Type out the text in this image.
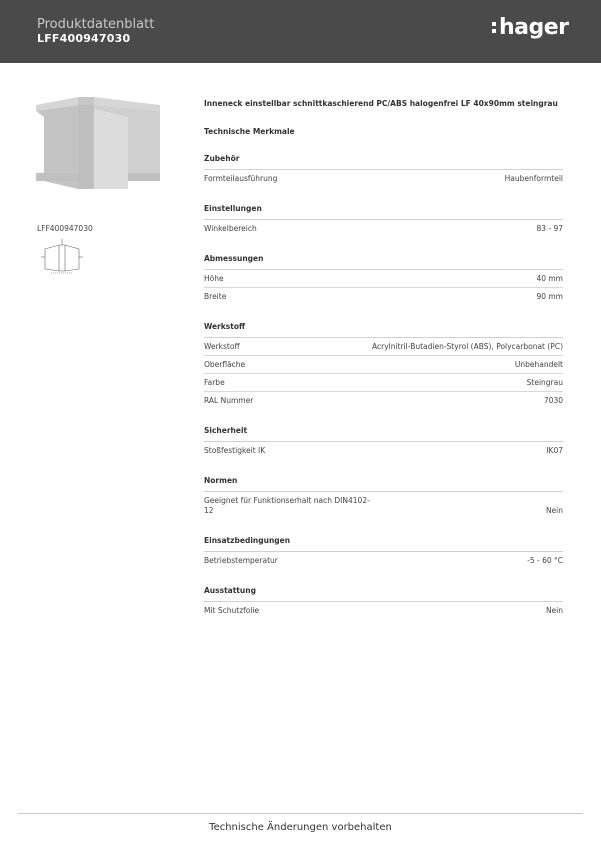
Produktdatenblatt
LFF400947030	hager
LFF400947030

Inneneck einstellbar schnittkaschierend PC/ABS halogenfrei LF 40x90mm steingrau

Technische Merkmale
Zubehör
Formteilausführung	Haubenformteil
Einstellungen
Winkelbereich	83 - 97
Abmessungen
Höhe	40 mm
Breite	90 mm
Werkstoff
Werkstoff	Acrylnitril-Butadien-Styrol (ABS), Polycarbonat (PC)
Oberfläche	Unbehandelt
Farbe	Steingrau
RAL Nummer	7030
Sicherheit
Stoßfestigkeit IK	IK07
Normen
Geeignet für Funktionserhalt nach DIN4102-12	Nein
Einsatzbedingungen
Betriebstemperatur	-5 - 60 °C
Ausstattung
Mit Schutzfolie	Nein
Technische Änderungen vorbehalten
